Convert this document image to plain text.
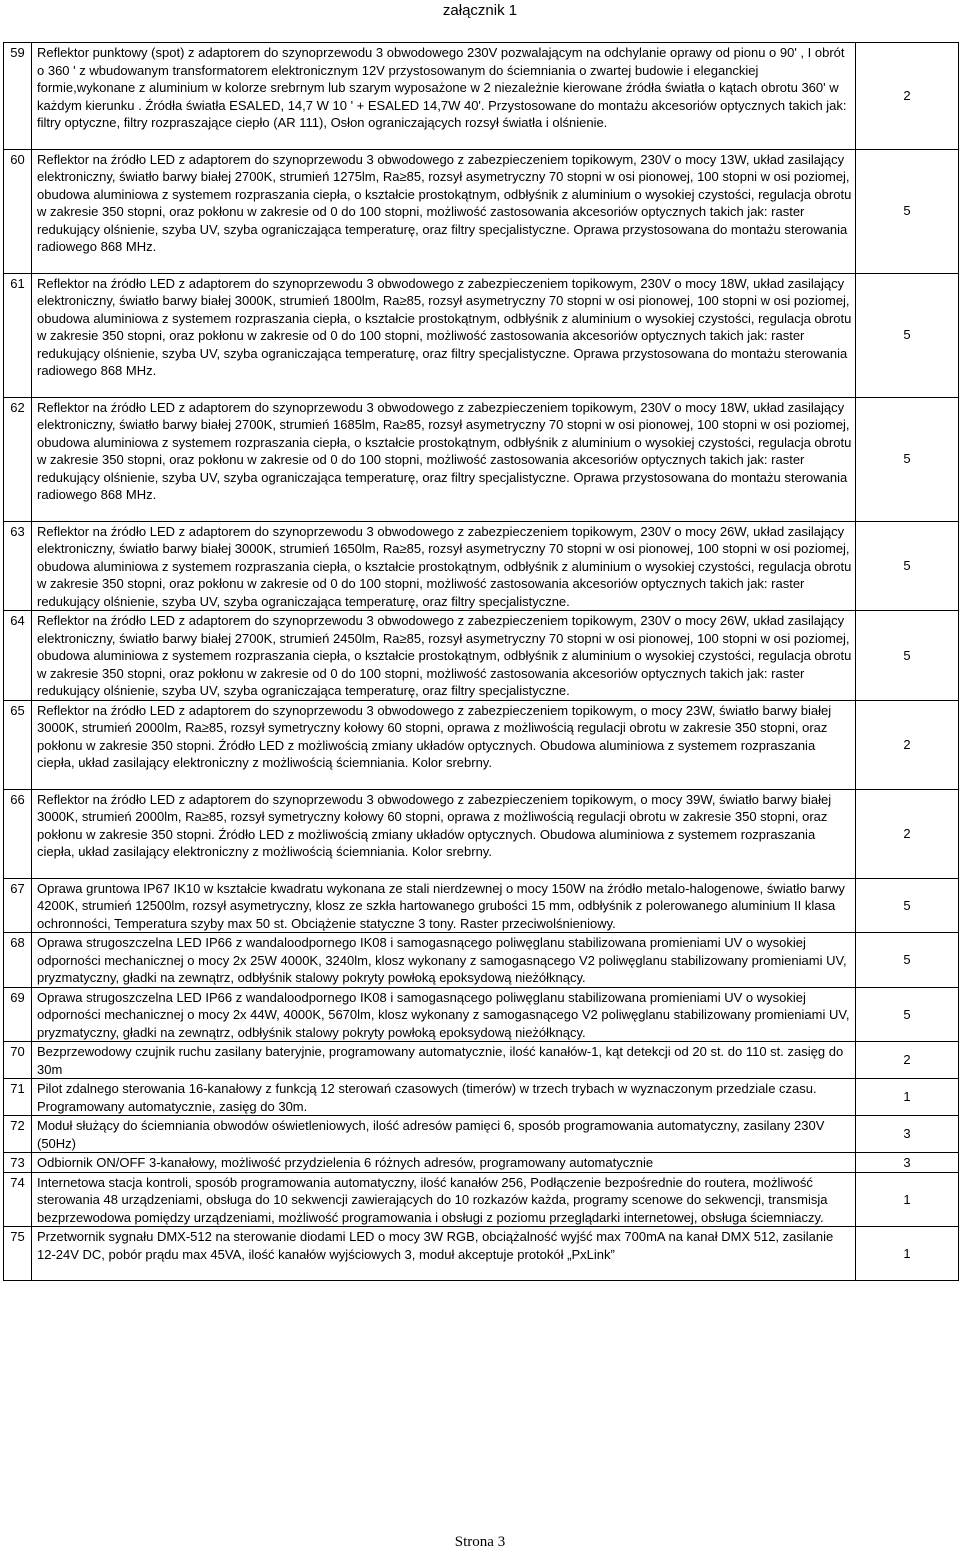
załącznik 1
59	Reflektor punktowy (spot) z adaptorem do szynoprzewodu 3 obwodowego 230V pozwalającym na odchylanie oprawy od pionu o 90' , I obrót o 360 ' z wbudowanym transformatorem elektronicznym 12V przystosowanym do ściemniania o zwartej budowie i eleganckiej formie,wykonane z aluminium w kolorze srebrnym lub szarym wyposażone w 2 niezależnie kierowane źródła światła o kątach obrotu 360' w każdym kierunku . Źródła światła ESALED, 14,7 W 10 ' + ESALED 14,7W 40'. Przystosowane do montażu akcesoriów optycznych takich jak: filtry optyczne, filtry rozpraszające ciepło (AR 111), Osłon ograniczających rozsył światła i olśnienie.	2
60	Reflektor na źródło LED z adaptorem do szynoprzewodu 3 obwodowego z zabezpieczeniem topikowym, 230V o mocy 13W, układ zasilający elektroniczny, światło barwy białej 2700K, strumień 1275lm, Ra≥85, rozsył asymetryczny 70 stopni w osi pionowej, 100 stopni w osi poziomej, obudowa aluminiowa z systemem rozpraszania ciepła, o kształcie prostokątnym, odbłyśnik z aluminium o wysokiej czystości, regulacja obrotu w zakresie 350 stopni, oraz pokłonu w zakresie od 0 do 100 stopni, możliwość zastosowania akcesoriów optycznych takich jak: raster redukujący olśnienie, szyba UV, szyba ograniczająca temperaturę, oraz filtry specjalistyczne. Oprawa przystosowana do montażu sterowania radiowego 868 MHz.	5
61	Reflektor na źródło LED z adaptorem do szynoprzewodu 3 obwodowego z zabezpieczeniem topikowym, 230V o mocy 18W, układ zasilający elektroniczny, światło barwy białej 3000K, strumień 1800lm, Ra≥85, rozsył asymetryczny 70 stopni w osi pionowej, 100 stopni w osi poziomej, obudowa aluminiowa z systemem rozpraszania ciepła, o kształcie prostokątnym, odbłyśnik z aluminium o wysokiej czystości, regulacja obrotu w zakresie 350 stopni, oraz pokłonu w zakresie od 0 do 100 stopni, możliwość zastosowania akcesoriów optycznych takich jak: raster redukujący olśnienie, szyba UV, szyba ograniczająca temperaturę, oraz filtry specjalistyczne. Oprawa przystosowana do montażu sterowania radiowego 868 MHz.	5
62	Reflektor na źródło LED z adaptorem do szynoprzewodu 3 obwodowego z zabezpieczeniem topikowym, 230V o mocy 18W, układ zasilający elektroniczny, światło barwy białej 2700K, strumień 1685lm, Ra≥85, rozsył asymetryczny 70 stopni w osi pionowej, 100 stopni w osi poziomej, obudowa aluminiowa z systemem rozpraszania ciepła, o kształcie prostokątnym, odbłyśnik z aluminium o wysokiej czystości, regulacja obrotu w zakresie 350 stopni, oraz pokłonu w zakresie od 0 do 100 stopni, możliwość zastosowania akcesoriów optycznych takich jak: raster redukujący olśnienie, szyba UV, szyba ograniczająca temperaturę, oraz filtry specjalistyczne. Oprawa przystosowana do montażu sterowania radiowego 868 MHz.	5
63	Reflektor na źródło LED z adaptorem do szynoprzewodu 3 obwodowego z zabezpieczeniem topikowym, 230V o mocy 26W, układ zasilający elektroniczny, światło barwy białej 3000K, strumień 1650lm, Ra≥85, rozsył asymetryczny 70 stopni w osi pionowej, 100 stopni w osi poziomej, obudowa aluminiowa z systemem rozpraszania ciepła, o kształcie prostokątnym, odbłyśnik z aluminium o wysokiej czystości, regulacja obrotu w zakresie 350 stopni, oraz pokłonu w zakresie od 0 do 100 stopni, możliwość zastosowania akcesoriów optycznych takich jak: raster redukujący olśnienie, szyba UV, szyba ograniczająca temperaturę, oraz filtry specjalistyczne.	5
64	Reflektor na źródło LED z adaptorem do szynoprzewodu 3 obwodowego z zabezpieczeniem topikowym, 230V o mocy 26W, układ zasilający elektroniczny, światło barwy białej 2700K, strumień 2450lm, Ra≥85, rozsył asymetryczny 70 stopni w osi pionowej, 100 stopni w osi poziomej, obudowa aluminiowa z systemem rozpraszania ciepła, o kształcie prostokątnym, odbłyśnik z aluminium o wysokiej czystości, regulacja obrotu w zakresie 350 stopni, oraz pokłonu w zakresie od 0 do 100 stopni, możliwość zastosowania akcesoriów optycznych takich jak: raster redukujący olśnienie, szyba UV, szyba ograniczająca temperaturę, oraz filtry specjalistyczne.	5
65	Reflektor na źródło LED z adaptorem do szynoprzewodu 3 obwodowego z zabezpieczeniem topikowym, o mocy 23W, światło barwy białej 3000K, strumień 2000lm, Ra≥85, rozsył symetryczny kołowy 60 stopni, oprawa z możliwością regulacji obrotu w zakresie 350 stopni, oraz pokłonu w zakresie 350 stopni. Źródło LED z możliwością zmiany układów optycznych. Obudowa aluminiowa z systemem rozpraszania ciepła, układ zasilający elektroniczny z możliwością ściemniania. Kolor srebrny.	2
66	Reflektor na źródło LED z adaptorem do szynoprzewodu 3 obwodowego z zabezpieczeniem topikowym, o mocy 39W, światło barwy białej 3000K, strumień 2000lm, Ra≥85, rozsył symetryczny kołowy 60 stopni, oprawa z możliwością regulacji obrotu w zakresie 350 stopni, oraz pokłonu w zakresie 350 stopni. Źródło LED z możliwością zmiany układów optycznych. Obudowa aluminiowa z systemem rozpraszania ciepła, układ zasilający elektroniczny z możliwością ściemniania. Kolor srebrny.	2
67	Oprawa gruntowa IP67 IK10 w kształcie kwadratu wykonana ze stali nierdzewnej o mocy 150W na źródło metalo-halogenowe, światło barwy 4200K, strumień 12500lm, rozsył asymetryczny, klosz ze szkła hartowanego grubości 15 mm, odbłyśnik z polerowanego aluminium II klasa ochronności, Temperatura szyby max 50 st. Obciążenie statyczne 3 tony. Raster przeciwolśnieniowy.	5
68	Oprawa strugoszczelna LED IP66 z wandaloodpornego IK08 i samogasnącego poliwęglanu stabilizowana promieniami UV o wysokiej odporności mechanicznej o mocy 2x 25W 4000K, 3240lm, klosz wykonany z samogasnącego V2 poliwęglanu stabilizowany promieniami UV, pryzmatyczny, gładki na zewnątrz, odbłyśnik stalowy pokryty powłoką epoksydową nieżółknący.	5
69	Oprawa strugoszczelna LED IP66 z wandaloodpornego IK08 i samogasnącego poliwęglanu stabilizowana promieniami UV o wysokiej odporności mechanicznej o mocy 2x 44W, 4000K, 5670lm, klosz wykonany z samogasnącego V2 poliwęglanu stabilizowany promieniami UV, pryzmatyczny, gładki na zewnątrz, odbłyśnik stalowy pokryty powłoką epoksydową nieżółknący.	5
70	Bezprzewodowy czujnik ruchu zasilany bateryjnie, programowany automatycznie, ilość kanałów-1, kąt detekcji od 20 st. do 110 st. zasięg do 30m	2
71	Pilot zdalnego sterowania 16-kanałowy z funkcją 12 sterowań czasowych (timerów) w trzech trybach w wyznaczonym przedziale czasu. Programowany automatycznie, zasięg do 30m.	1
72	Moduł służący do ściemniania obwodów oświetleniowych, ilość adresów pamięci 6, sposób programowania automatyczny, zasilany 230V (50Hz)	3
73	Odbiornik ON/OFF 3-kanałowy, możliwość przydzielenia 6 różnych adresów, programowany automatycznie	3
74	Internetowa stacja kontroli, sposób programowania automatyczny, ilość kanałów 256, Podłączenie bezpośrednie do routera, możliwość sterowania 48 urządzeniami, obsługa do 10 sekwencji zawierających do 10 rozkazów każda, programy scenowe do sekwencji, transmisja bezprzewodowa pomiędzy urządzeniami, możliwość programowania i obsługi z poziomu przeglądarki internetowej, obsługa ściemniaczy.	1
75	Przetwornik sygnału DMX-512 na sterowanie diodami LED o mocy 3W RGB, obciążalność wyjść max 700mA na kanał DMX 512, zasilanie 12-24V DC, pobór prądu max 45VA, ilość kanałów wyjściowych 3, moduł akceptuje protokół „PxLink”	1
Strona 3
